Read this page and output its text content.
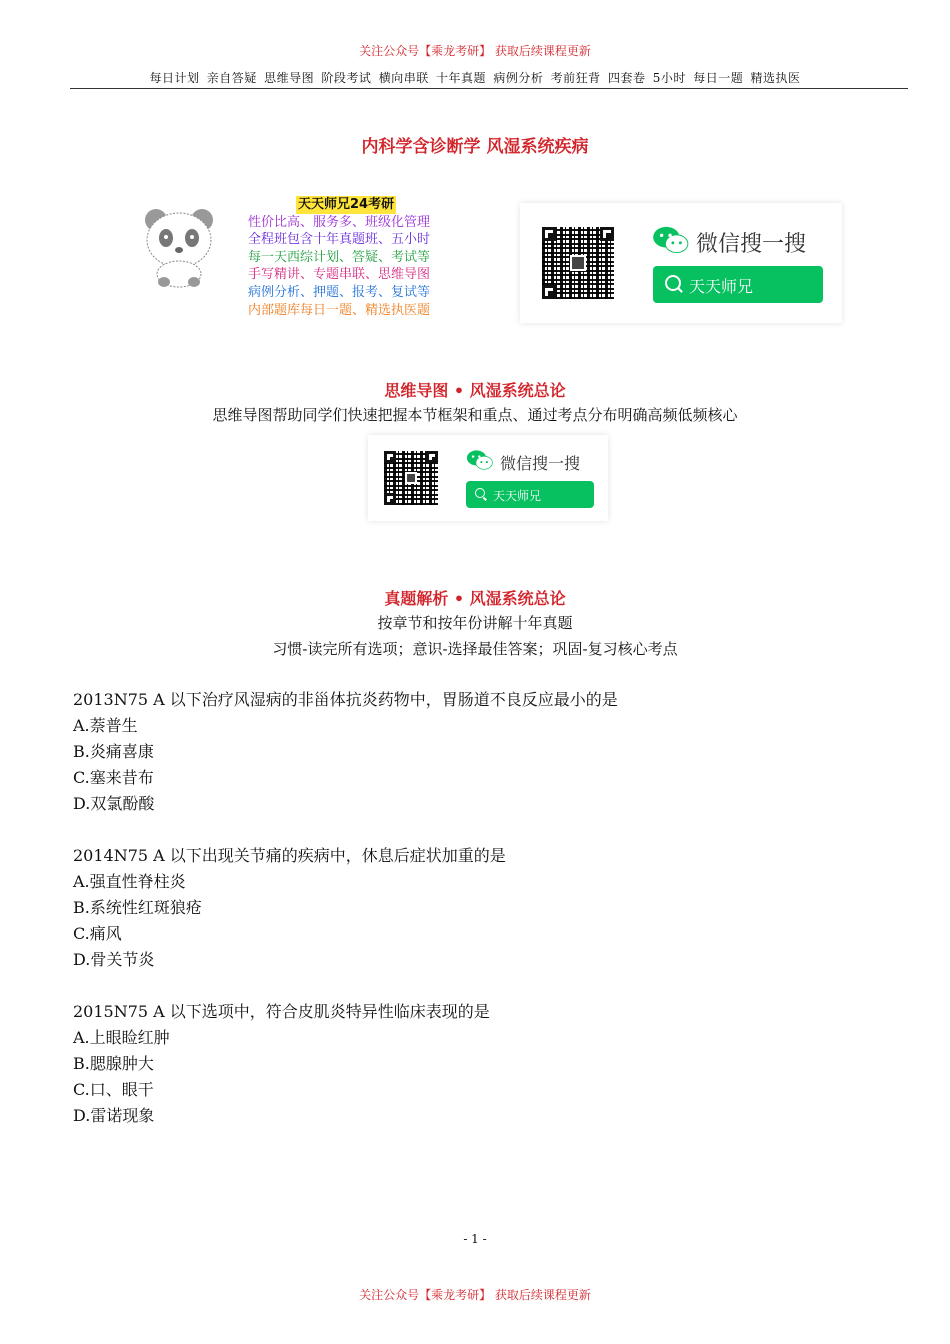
关注公众号【乘龙考研】 获取后续课程更新
每日计划 亲自答疑 思维导图 阶段考试 横向串联 十年真题 病例分析 考前狂背 四套卷 5小时 每日一题 精选执医
内科学含诊断学 风湿系统疾病
天天师兄24考研
性价比高、服务多、班级化管理
全程班包含十年真题班、五小时
每一天西综计划、答疑、考试等
手写精讲、专题串联、思维导图
病例分析、押题、报考、复试等
内部题库每日一题、精选执医题
微信搜一搜
天天师兄
思维导图 • 风湿系统总论
思维导图帮助同学们快速把握本节框架和重点、通过考点分布明确高频低频核心
微信搜一搜
天天师兄
真题解析 • 风湿系统总论
按章节和按年份讲解十年真题
习惯-读完所有选项；意识-选择最佳答案；巩固-复习核心考点
2013N75 A 以下治疗风湿病的非甾体抗炎药物中，胃肠道不良反应最小的是
A.萘普生
B.炎痛喜康
C.塞来昔布
D.双氯酚酸
2014N75 A 以下出现关节痛的疾病中，休息后症状加重的是
A.强直性脊柱炎
B.系统性红斑狼疮
C.痛风
D.骨关节炎
2015N75 A 以下选项中，符合皮肌炎特异性临床表现的是
A.上眼睑红肿
B.腮腺肿大
C.口、眼干
D.雷诺现象
- 1 -
关注公众号【乘龙考研】 获取后续课程更新
